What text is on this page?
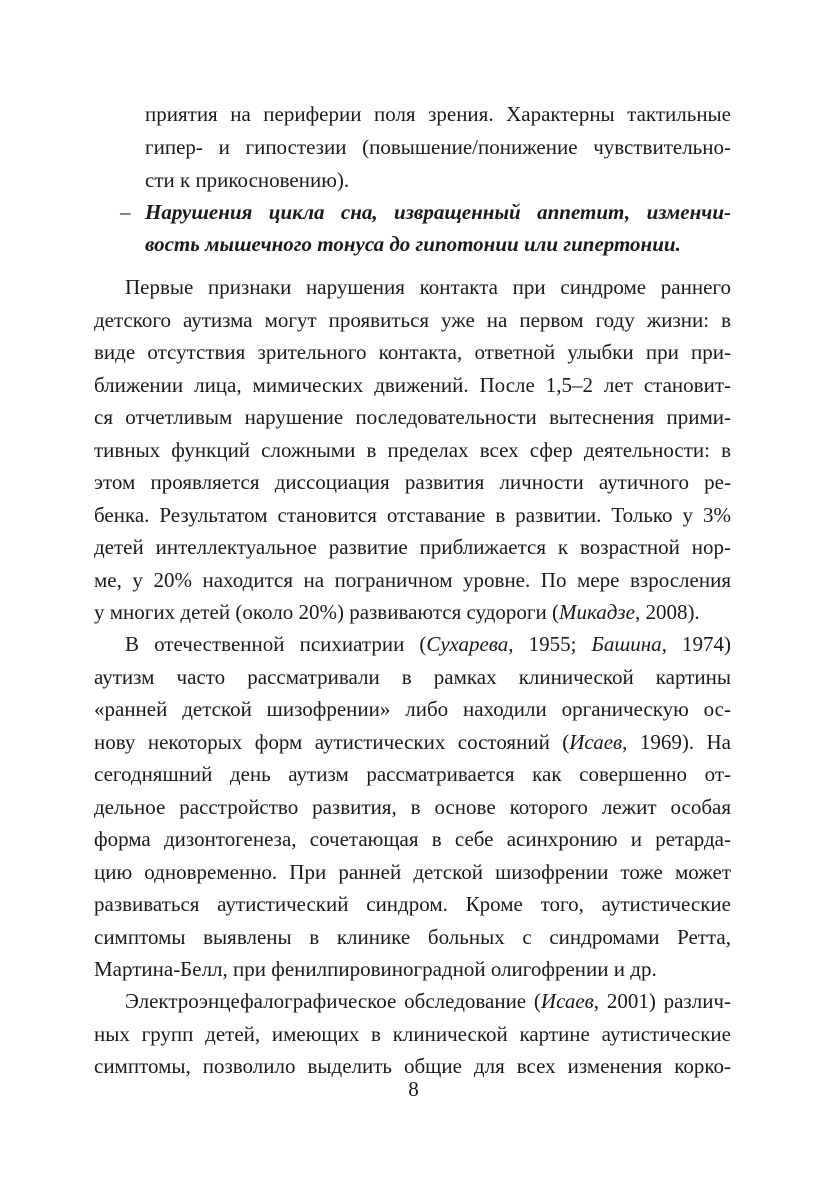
приятия на периферии поля зрения. Характерны тактильные
гипер- и гипостезии (повышение/понижение чувствительно-
сти к прикосновению).
– Нарушения цикла сна, извращенный аппетит, изменчи-
вость мышечного тонуса до гипотонии или гипертонии.
Первые признаки нарушения контакта при синдроме раннего
детского аутизма могут проявиться уже на первом году жизни: в
виде отсутствия зрительного контакта, ответной улыбки при при-
ближении лица, мимических движений. После 1,5–2 лет становит-
ся отчетливым нарушение последовательности вытеснения прими-
тивных функций сложными в пределах всех сфер деятельности: в
этом проявляется диссоциация развития личности аутичного ре-
бенка. Результатом становится отставание в развитии. Только у 3%
детей интеллектуальное развитие приближается к возрастной нор-
ме, у 20% находится на пограничном уровне. По мере взросления
у многих детей (около 20%) развиваются судороги (Микадзе, 2008).
В отечественной психиатрии (Сухарева, 1955; Башина, 1974)
аутизм часто рассматривали в рамках клинической картины
«ранней детской шизофрении» либо находили органическую ос-
нову некоторых форм аутистических состояний (Исаев, 1969). На
сегодняшний день аутизм рассматривается как совершенно от-
дельное расстройство развития, в основе которого лежит особая
форма дизонтогенеза, сочетающая в себе асинхронию и ретарда-
цию одновременно. При ранней детской шизофрении тоже может
развиваться аутистический синдром. Кроме того, аутистические
симптомы выявлены в клинике больных с синдромами Ретта,
Мартина-Белл, при фенилпировиноградной олигофрении и др.
Электроэнцефалографическое обследование (Исаев, 2001) различ-
ных групп детей, имеющих в клинической картине аутистические
симптомы, позволило выделить общие для всех изменения корко-
8
